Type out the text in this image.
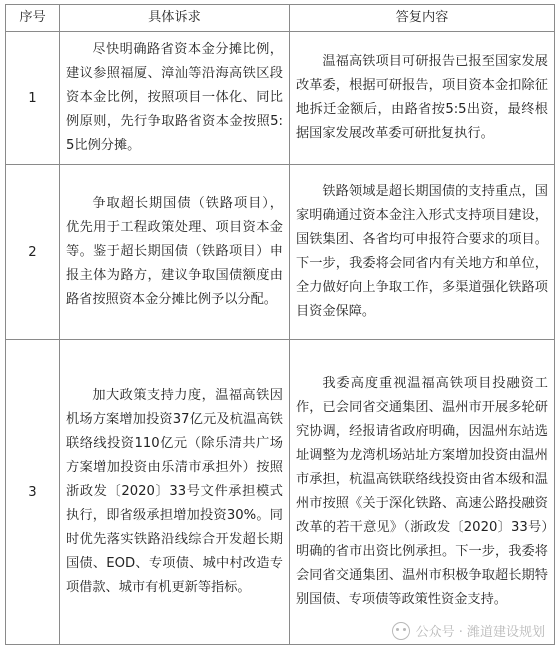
序号	具体诉求	答复内容
1	尽快明确路省资本金分摊比例，建议参照福厦、漳汕等沿海高铁区段资本金比例，按照项目一体化、同比例原则，先行争取路省资本金按照5:5比例分摊。	温福高铁项目可研报告已报至国家发展改革委，根据可研报告，项目资本金扣除征地拆迁金额后，由路省按5:5出资，最终根据国家发展改革委可研批复执行。
2	争取超长期国债（铁路项目），优先用于工程政策处理、项目资本金等。鉴于超长期国债（铁路项目）申报主体为路方，建议争取国债额度由路省按照资本金分摊比例予以分配。	铁路领域是超长期国债的支持重点，国家明确通过资本金注入形式支持项目建设，国铁集团、各省均可申报符合要求的项目。下一步，我委将会同省内有关地方和单位，全力做好向上争取工作，多渠道强化铁路项目资金保障。
3	加大政策支持力度，温福高铁因机场方案增加投资37亿元及杭温高铁联络线投资110亿元（除乐清共广场方案增加投资由乐清市承担外）按照浙政发〔2020〕33号文件承担模式执行，即省级承担增加投资30%。同时优先落实铁路沿线综合开发超长期国债、EOD、专项债、城中村改造专项借款、城市有机更新等指标。	我委高度重视温福高铁项目投融资工作，已会同省交通集团、温州市开展多轮研究协调，经报请省政府明确，因温州东站选址调整为龙湾机场站址方案增加投资由温州市承担，杭温高铁联络线投资由省本级和温州市按照《关于深化铁路、高速公路投融资改革的若干意见》（浙政发〔2020〕33号）明确的省市出资比例承担。下一步，我委将会同省交通集团、温州市积极争取超长期特别国债、专项债等政策性资金支持。
公众号 · 潍道建设规划
